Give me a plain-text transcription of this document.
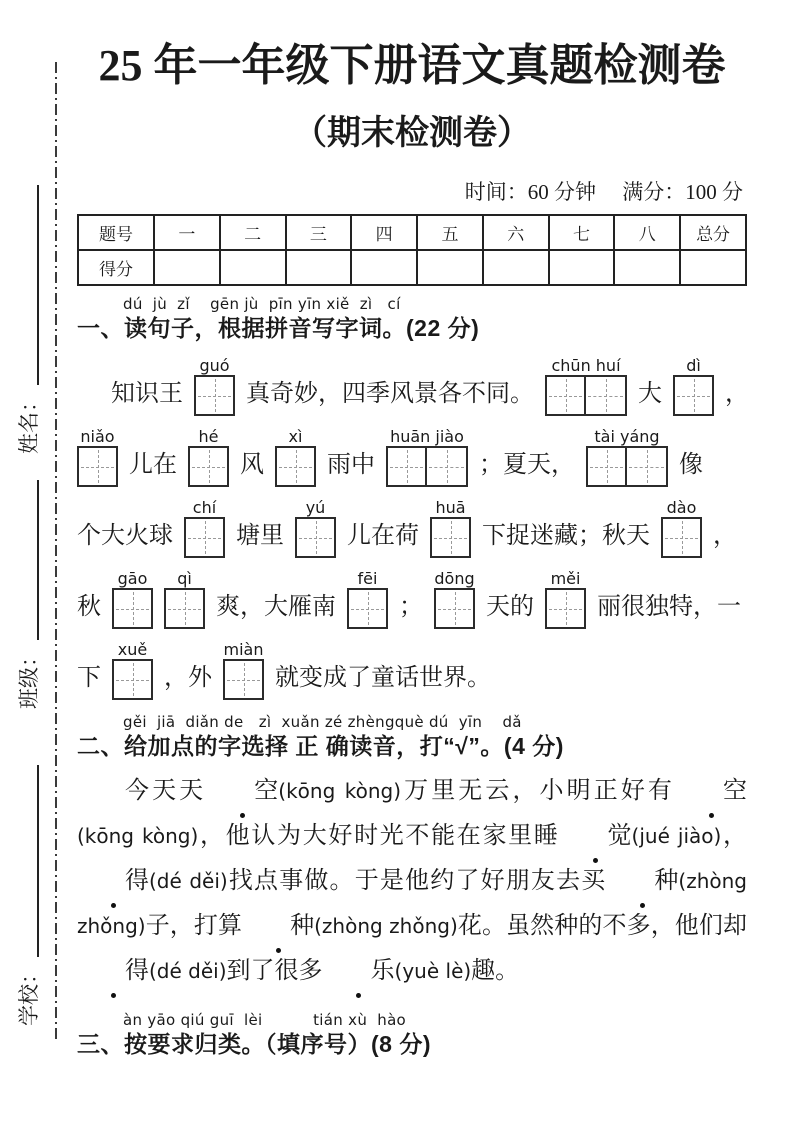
学校：
班级：
姓名：
25 年一年级下册语文真题检测卷
（期末检测卷）
时间：60 分钟　 满分：100 分
题号	一	二	三	四	五	六	七	八	总分
得分									
dú  jù  zǐ    gēn jù  pīn yīn xiě  zì   cí
一、读句子，根据拼音写字词。(22 分)
知识王
guó
真奇妙，四季风景各不同。
chūn huí
大
dì
，
niǎo
儿在
hé
风
xì
雨中
huān jiào
；夏天，
tài yáng
像
个大火球
chí
塘里
yú
儿在荷
huā
下捉迷藏；秋天
dào
，
秋
gāo qì
爽，大雁南
fēi
；
dōng
天的
měi
丽很独特，一
下
xuě
，外
miàn
就变成了童话世界。
gěi  jiā  diǎn de   zì  xuǎn zé zhèngquè dú  yīn    dǎ
二、给加点的字选择 正 确读音，打“√”。(4 分)

今天天 空(kōng kòng)万里无云，小明正好有 空(kōng kòng)，他认为大好时光不能在家里睡 觉(jué jiào)，得(dé děi)找点事做。于是他约了好朋友去买 种(zhòng zhǒng)子，打算 种(zhòng zhǒng)花。虽然种的不多，他们却得(dé děi)到了很多 乐(yuè lè)趣。

àn yāo qiú guī  lèi          tián xù  hào
三、按要求归类。（填序号）(8 分)
